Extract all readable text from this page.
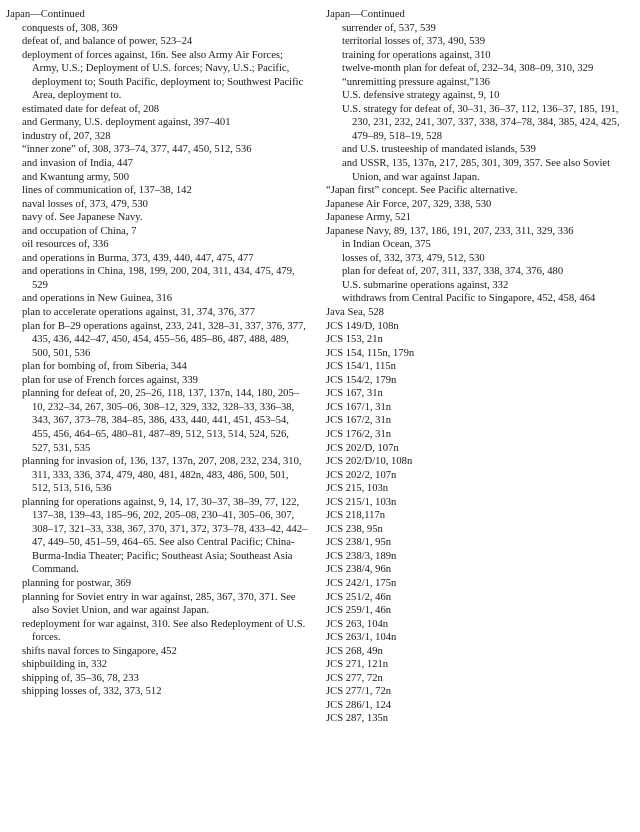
Japan—Continued
conquests of, 308, 369
defeat of, and balance of power, 523–24
deployment of forces against, 16n. See also Army Air Forces; Army, U.S.; Deployment of U.S. forces; Navy, U.S.; Pacific, deployment to; South Pacific, deployment to; Southwest Pacific Area, deployment to.
estimated date for defeat of, 208
and Germany, U.S. deployment against, 397–401
industry of, 207, 328
“inner zone” of, 308, 373–74, 377, 447, 450, 512, 536
and invasion of India, 447
and Kwantung army, 500
lines of communication of, 137–38, 142
naval losses of, 373, 479, 530
navy of. See Japanese Navy.
and occupation of China, 7
oil resources of, 336
and operations in Burma, 373, 439, 440, 447, 475, 477
and operations in China, 198, 199, 200, 204, 311, 434, 475, 479, 529
and operations in New Guinea, 316
plan to accelerate operations against, 31, 374, 376, 377
plan for B–29 operations against, 233, 241, 328–31, 337, 376, 377, 435, 436, 442–47, 450, 454, 455–56, 485–86, 487, 488, 489, 500, 501, 536
plan for bombing of, from Siberia, 344
plan for use of French forces against, 339
planning for defeat of, 20, 25–26, 118, 137, 137n, 144, 180, 205–10, 232–34, 267, 305–06, 308–12, 329, 332, 328–33, 336–38, 343, 367, 373–78, 384–85, 386, 433, 440, 441, 451, 453–54, 455, 456, 464–65, 480–81, 487–89, 512, 513, 514, 524, 526, 527, 531, 535
planning for invasion of, 136, 137, 137n, 207, 208, 232, 234, 310, 311, 333, 336, 374, 479, 480, 481, 482n, 483, 486, 500, 501, 512, 513, 516, 536
planning for operations against, 9, 14, 17, 30–37, 38–39, 77, 122, 137–38, 139–43, 185–96, 202, 205–08, 230–41, 305–06, 307, 308–17, 321–33, 338, 367, 370, 371, 372, 373–78, 433–42, 442–47, 449–50, 451–59, 464–65. See also Central Pacific; China-Burma-India Theater; Pacific; Southeast Asia; Southeast Asia Command.
planning for postwar, 369
planning for Soviet entry in war against, 285, 367, 370, 371. See also Soviet Union, and war against Japan.
redeployment for war against, 310. See also Redeployment of U.S. forces.
shifts naval forces to Singapore, 452
shipbuilding in, 332
shipping of, 35–36, 78, 233
shipping losses of, 332, 373, 512
Japan—Continued
surrender of, 537, 539
territorial losses of, 373, 490, 539
training for operations against, 310
twelve-month plan for defeat of, 232–34, 308–09, 310, 329
“unremitting pressure against,”136
U.S. defensive strategy against, 9, 10
U.S. strategy for defeat of, 30–31, 36–37, 112, 136–37, 185, 191, 230, 231, 232, 241, 307, 337, 338, 374–78, 384, 385, 424, 425, 479–89, 518–19, 528
and U.S. trusteeship of mandated islands, 539
and USSR, 135, 137n, 217, 285, 301, 309, 357. See also Soviet Union, and war against Japan.
“Japan first” concept. See Pacific alternative.
Japanese Air Force, 207, 329, 338, 530
Japanese Army, 521
Japanese Navy, 89, 137, 186, 191, 207, 233, 311, 329, 336
in Indian Ocean, 375
losses of, 332, 373, 479, 512, 530
plan for defeat of, 207, 311, 337, 338, 374, 376, 480
U.S. submarine operations against, 332
withdraws from Central Pacific to Singapore, 452, 458, 464
Java Sea, 528
JCS 149/D, 108n
JCS 153, 21n
JCS 154, 115n, 179n
JCS 154/1, 115n
JCS 154/2, 179n
JCS 167, 31n
JCS 167/1, 31n
JCS 167/2, 31n
JCS 176/2, 31n
JCS 202/D, 107n
JCS 202/D/10, 108n
JCS 202/2, 107n
JCS 215, 103n
JCS 215/1, 103n
JCS 218,117n
JCS 238, 95n
JCS 238/1, 95n
JCS 238/3, 189n
JCS 238/4, 96n
JCS 242/1, 175n
JCS 251/2, 46n
JCS 259/1, 46n
JCS 263, 104n
JCS 263/1, 104n
JCS 268, 49n
JCS 271, 121n
JCS 277, 72n
JCS 277/1, 72n
JCS 286/1, 124
JCS 287, 135n
